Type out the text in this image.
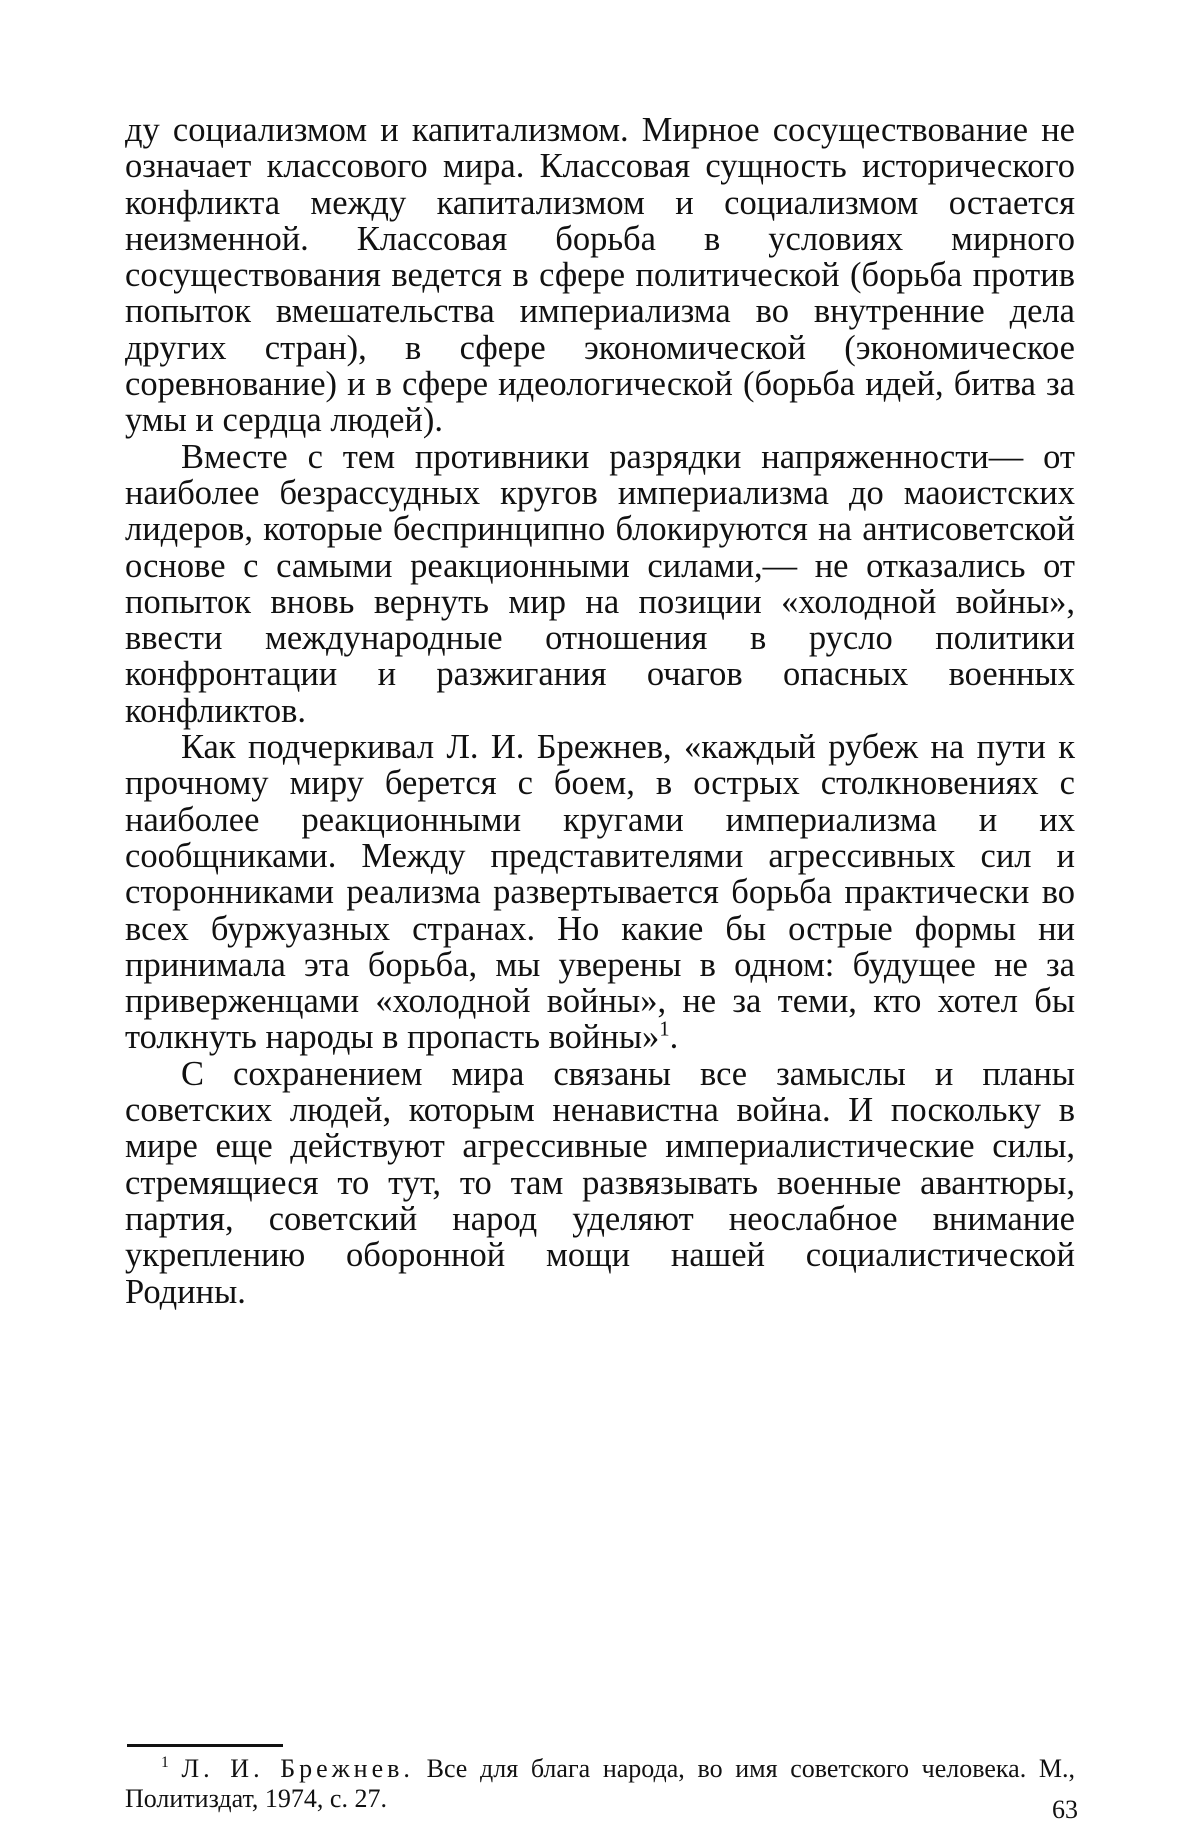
ду социализмом и капитализмом. Мирное сосуществование не означает классового мира. Классовая сущность исторического конфликта между капитализмом и социализмом остается неизменной. Классовая борьба в условиях мирного сосуществования ведется в сфере политической (борьба против попыток вмешательства империализма во внутренние дела других стран), в сфере экономической (экономическое соревнование) и в сфере идеологической (борьба идей, битва за умы и сердца людей).

Вместе с тем противники разрядки напряженности— от наиболее безрассудных кругов империализма до маоистских лидеров, которые беспринципно блокируются на антисоветской основе с самыми реакционными силами,— не отказались от попыток вновь вернуть мир на позиции «холодной войны», ввести международные отношения в русло политики конфронтации и разжигания очагов опасных военных конфликтов.

Как подчеркивал Л. И. Брежнев, «каждый рубеж на пути к прочному миру берется с боем, в острых столкновениях с наиболее реакционными кругами империализма и их сообщниками. Между представителями агрессивных сил и сторонниками реализма развертывается борьба практически во всех буржуазных странах. Но какие бы острые формы ни принимала эта борьба, мы уверены в одном: будущее не за приверженцами «холодной войны», не за теми, кто хотел бы толкнуть народы в пропасть войны»$^1$.

С сохранением мира связаны все замыслы и планы советских людей, которым ненавистна война. И поскольку в мире еще действуют агрессивные империалистические силы, стремящиеся то тут, то там развязывать военные авантюры, партия, советский народ уделяют неослабное внимание укреплению оборонной мощи нашей социалистической Родины.

1 Л. И. Брежнев. Все для блага народа, во имя советского человека. М., Политиздат, 1974, с. 27.	63
